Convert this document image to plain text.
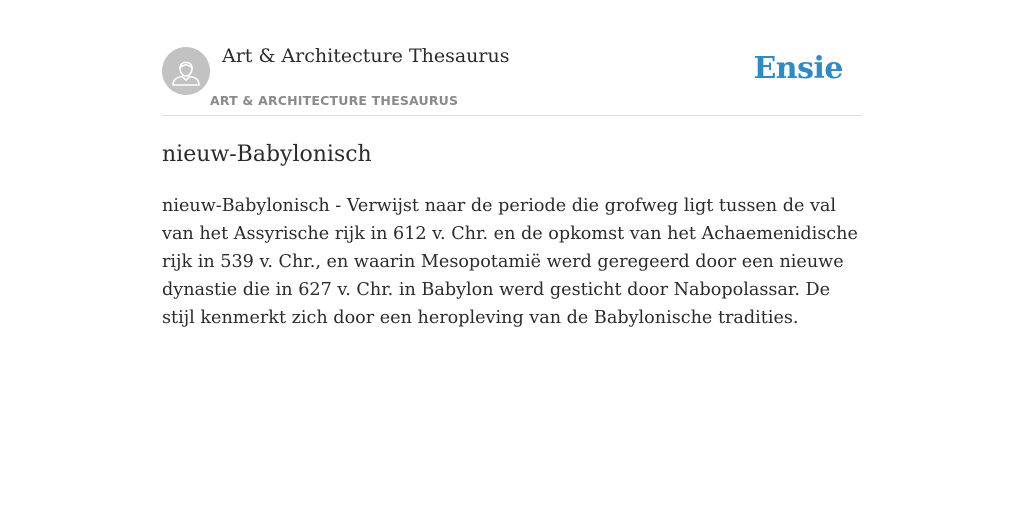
Art & Architecture Thesaurus
ART & ARCHITECTURE THESAURUS
Ensie
nieuw-Babylonisch

nieuw-Babylonisch - Verwijst naar de periode die grofweg ligt tussen de val van het Assyrische rijk in 612 v. Chr. en de opkomst van het Achaemenidische rijk in 539 v. Chr., en waarin Mesopotamië werd geregeerd door een nieuwe dynastie die in 627 v. Chr. in Babylon werd gesticht door Nabopolassar. De stijl kenmerkt zich door een heropleving van de Babylonische tradities.
